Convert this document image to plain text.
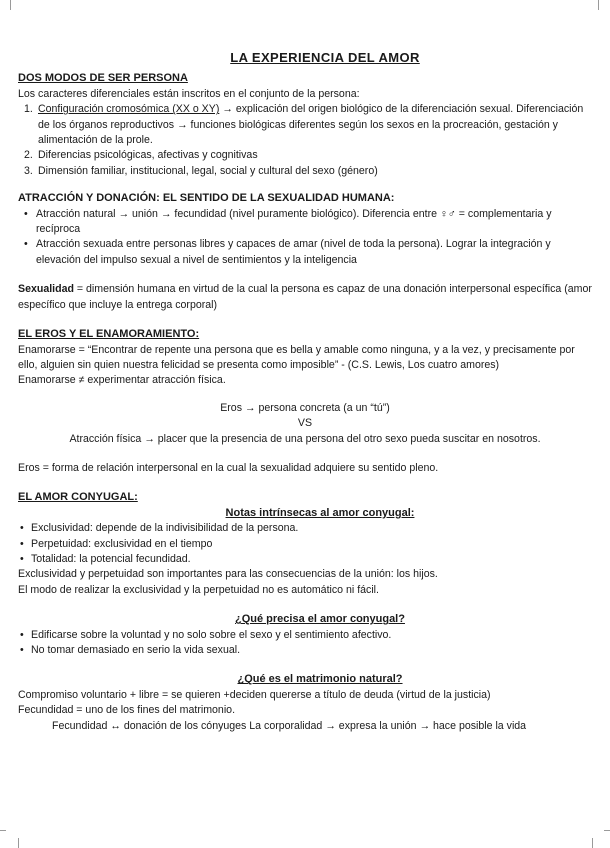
LA EXPERIENCIA DEL AMOR
DOS MODOS DE SER PERSONA

Los caracteres diferenciales están inscritos en el conjunto de la persona:

1. Configuración cromosómica (XX o XY) → explicación del origen biológico de la diferenciación sexual. Diferenciación de los órganos reproductivos → funciones biológicas diferentes según los sexos en la procreación, gestación y alimentación de la prole.
2. Diferencias psicológicas, afectivas y cognitivas
3. Dimensión familiar, institucional, legal, social y cultural del sexo (género)
ATRACCIÓN Y DONACIÓN: EL SENTIDO DE LA SEXUALIDAD HUMANA:
• Atracción natural → unión → fecundidad (nivel puramente biológico). Diferencia entre ♀♂ = complementaria y recíproca
• Atracción sexuada entre personas libres y capaces de amar (nivel de toda la persona). Lograr la integración y elevación del impulso sexual a nivel de sentimientos y la inteligencia

Sexualidad = dimensión humana en virtud de la cual la persona es capaz de una donación interpersonal específica (amor específico que incluye la entrega corporal)

EL EROS Y EL ENAMORAMIENTO:

Enamorarse = “Encontrar de repente una persona que es bella y amable como ninguna, y a la vez, y precisamente por ello, alguien sin quien nuestra felicidad se presenta como imposible” - (C.S. Lewis, Los cuatro amores)

Enamorarse ≠ experimentar atracción física.

Eros → persona concreta (a un “tú”)

VS

Atracción física → placer que la presencia de una persona del otro sexo pueda suscitar en nosotros.

Eros = forma de relación interpersonal en la cual la sexualidad adquiere su sentido pleno.

EL AMOR CONYUGAL:
Notas intrínsecas al amor conyugal:
• Exclusividad: depende de la indivisibilidad de la persona.
• Perpetuidad: exclusividad en el tiempo
• Totalidad: la potencial fecundidad.

Exclusividad y perpetuidad son importantes para las consecuencias de la unión: los hijos.

El modo de realizar la exclusividad y la perpetuidad no es automático ni fácil.

¿Qué precisa el amor conyugal?
• Edificarse sobre la voluntad y no solo sobre el sexo y el sentimiento afectivo.
• No tomar demasiado en serio la vida sexual.
¿Qué es el matrimonio natural?

Compromiso voluntario + libre = se quieren +deciden quererse a título de deuda (virtud de la justicia)

Fecundidad = uno de los fines del matrimonio.

Fecundidad ↔ donación de los cónyuges La corporalidad → expresa la unión → hace posible la vida
